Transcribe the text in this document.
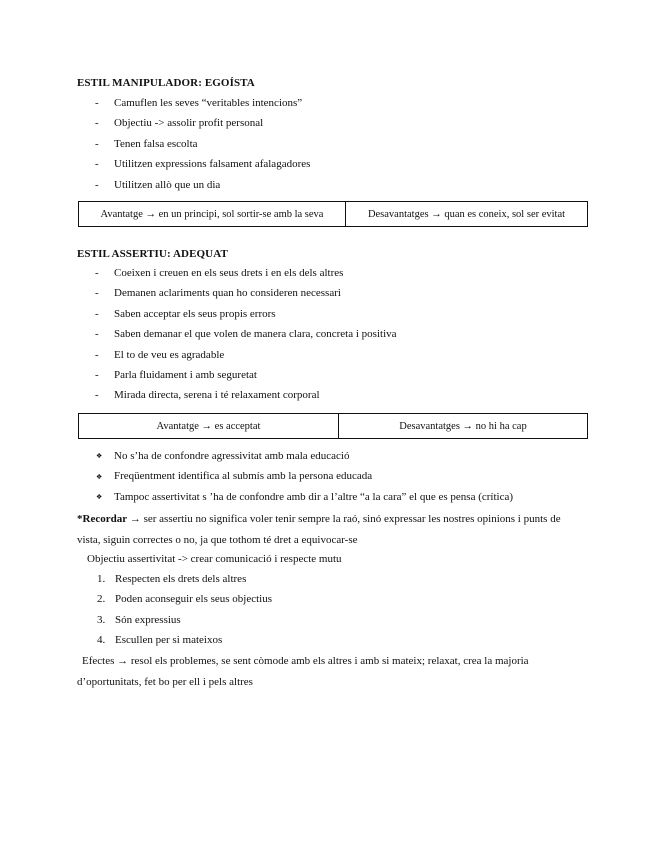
ESTIL MANIPULADOR: EGOÍSTA
- Camuflen les seves “veritables intencions”
- Objectiu -> assolir profit personal
- Tenen falsa escolta
- Utilitzen expressions falsament afalagadores
- Utilitzen allò que un dia
Avantatge → en un principi, sol sortir-se amb la seva	Desavantatges → quan es coneix, sol ser evitat
ESTIL ASSERTIU: ADEQUAT
- Coeixen i creuen en els seus drets i en els dels altres
- Demanen aclariments quan ho consideren necessari
- Saben acceptar els seus propis errors
- Saben demanar el que volen de manera clara, concreta i positiva
- El to de veu es agradable
- Parla fluidament i amb seguretat
- Mirada directa, serena i té relaxament corporal
Avantatge → es acceptat	Desavantatges → no hi ha cap
❖ No s’ha de confondre agressivitat amb mala educació
❖ Freqüentment identifica al submís amb la persona educada
❖ Tampoc assertivitat s ’ha de confondre amb dir a l’altre “a la cara” el que es pensa (crítica)
*Recordar → ser assertiu no significa voler tenir sempre la raó, sinó expressar les nostres opinions i punts de vista, siguin correctes o no, ja que tothom té dret a equivocar-se
Objectiu assertivitat -> crear comunicació i respecte mutu
1. Respecten els drets dels altres
2. Poden aconseguir els seus objectius
3. Són expressius
4. Escullen per si mateixos
Efectes → resol els problemes, se sent còmode amb els altres i amb si mateix; relaxat, crea la majoria d’oportunitats, fet bo per ell i pels altres
